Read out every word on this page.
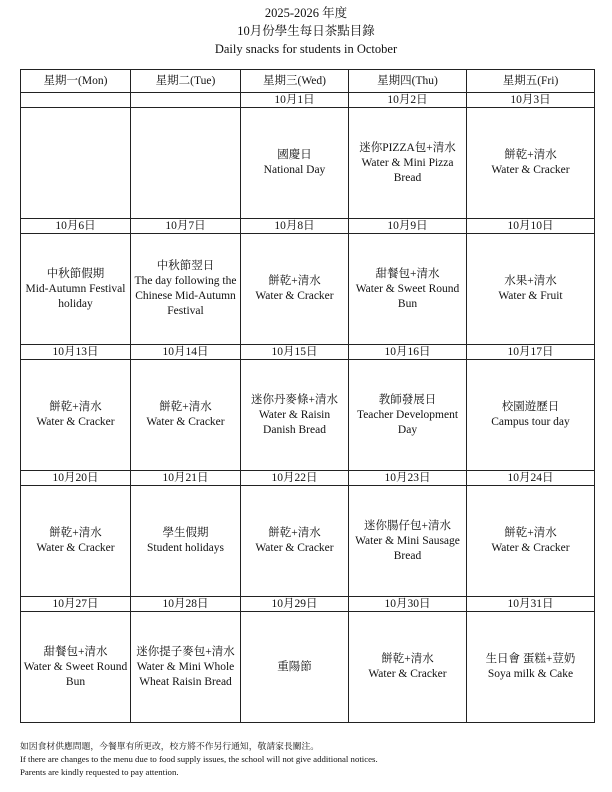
2025-2026 年度
10月份學生每日茶點目錄
Daily snacks for students in October
星期一(Mon)	星期二(Tue)	星期三(Wed)	星期四(Thu)	星期五(Fri)
		10月1日	10月2日	10月3日

		國慶日
National Day	迷你PIZZA包+清水
Water & Mini Pizza Bread	餅乾+清水
Water & Cracker

10月6日	10月7日	10月8日	10月9日	10月10日

中秋節假期
Mid-Autumn Festival holiday	中秋節翌日
The day following the Chinese Mid-Autumn Festival	餅乾+清水
Water & Cracker	甜餐包+清水
Water & Sweet Round Bun	水果+清水
Water & Fruit

10月13日	10月14日	10月15日	10月16日	10月17日

餅乾+清水
Water & Cracker	餅乾+清水
Water & Cracker	迷你丹麥條+清水
Water & Raisin Danish Bread	教師發展日
Teacher Development Day	校園遊歷日
Campus tour day

10月20日	10月21日	10月22日	10月23日	10月24日

餅乾+清水
Water & Cracker	學生假期
Student holidays	餅乾+清水
Water & Cracker	迷你腸仔包+清水
Water & Mini Sausage Bread	餅乾+清水
Water & Cracker

10月27日	10月28日	10月29日	10月30日	10月31日

甜餐包+清水
Water & Sweet Round Bun	迷你提子麥包+清水
Water & Mini Whole Wheat Raisin Bread	重陽節	餅乾+清水
Water & Cracker	生日會 蛋糕+荳奶
Soya milk & Cake
如因食材供應問題，今餐單有所更改，校方將不作另行通知，敬請家長關注。
If there are changes to the menu due to food supply issues, the school will not give additional notices.
Parents are kindly requested to pay attention.
